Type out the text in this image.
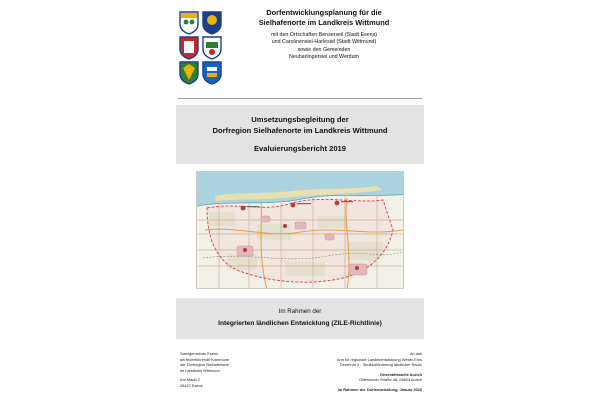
Dorfentwicklungsplanung für die
Sielhafenorte im Landkreis Wittmund
mit den Ortschaften Benserseil (Stadt Esens)
und Carolinensiel-Harlesiel (Stadt Wittmund)
sowie den Gemeinden
Neuharlingersiel und Werdum
Umsetzungsbegleitung der
Dorfregion Sielhafenorte im Landkreis Wittmund
Evaluierungsbericht 2019
Im Rahmen der
Integrierten ländlichen Entwicklung (ZILE-Richtlinie)
Samtgemeinde Esens
als federführende Kommune
der Dorfregion Sielhafenorte
im Landkreis Wittmund
Am Markt 2
26427 Esens
An das
Amt für regionale Landesentwicklung Weser-Ems
Dezernat 3 - Strukturförderung ländlicher Raum
Geschäftsstelle Aurich
Oldersumer Straße 48, 26603 Aurich
Im Rahmen der Dorfentwicklung, Januar 2020
